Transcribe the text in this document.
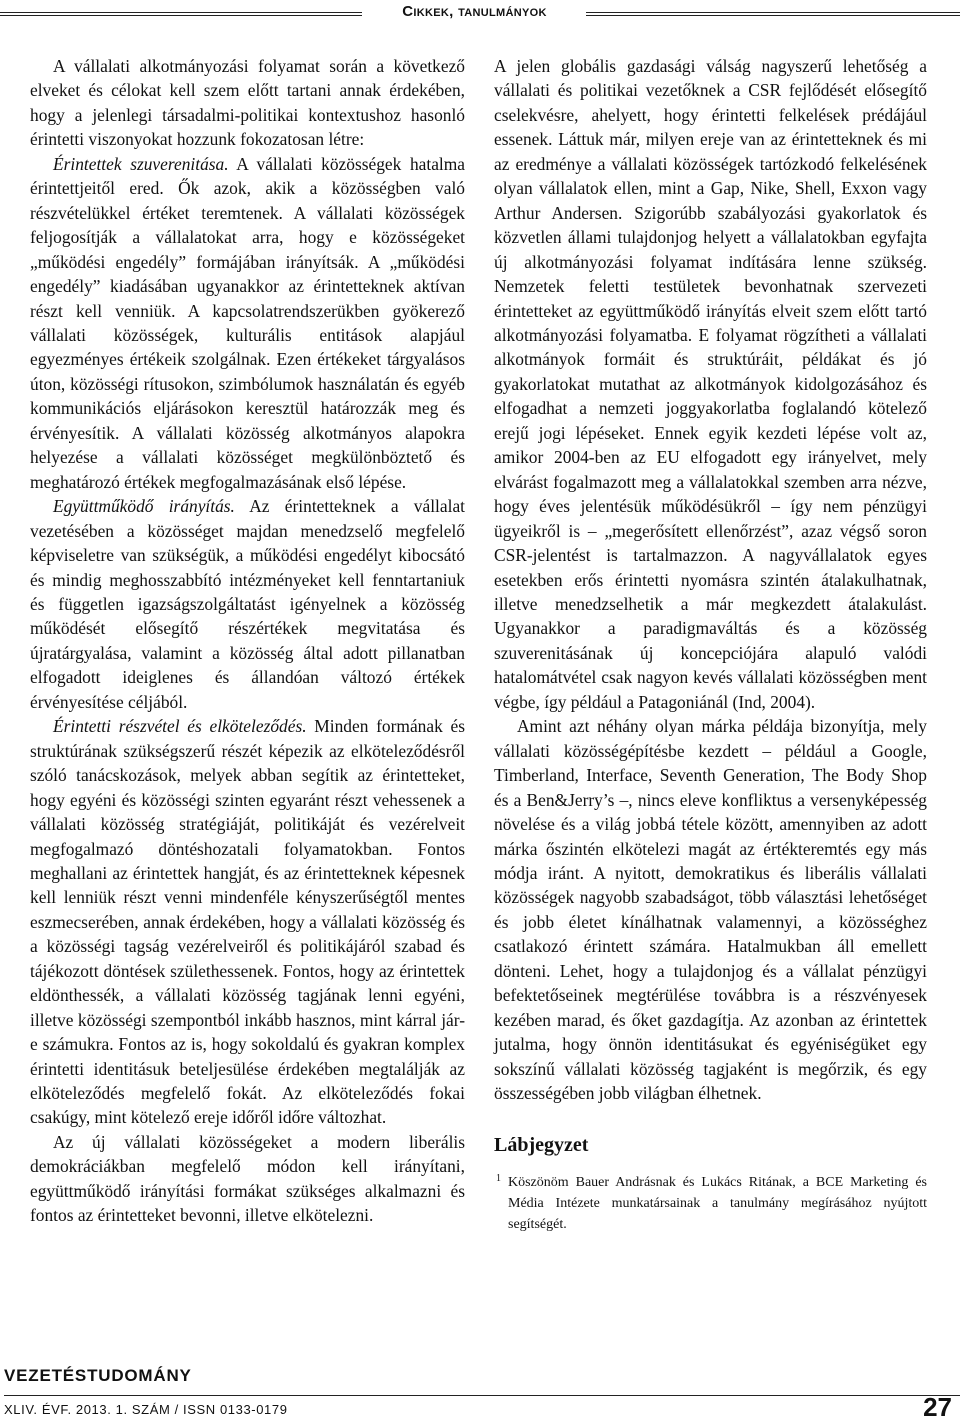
Cikkek, tanulmányok

A vállalati alkotmányozási folyamat során a következő elveket és célokat kell szem előtt tartani annak érdekében, hogy a jelenlegi társadalmi-politikai kontextushoz hasonló érintetti viszonyokat hozzunk fokozatosan létre:

Érintettek szuverenitása. A vállalati közösségek hatalma érintettjeitől ered. Ők azok, akik a közösségben való részvételükkel értéket teremtenek. A vállalati közösségek feljogosítják a vállalatokat arra, hogy e közösségeket „működési engedély” formájában irányítsák. A „működési engedély” kiadásában ugyanakkor az érintetteknek aktívan részt kell venniük. A kapcsolatrendszerükben gyökerező vállalati közösségek, kulturális entitások alapjául egyezményes értékeik szolgálnak. Ezen értékeket tárgyalásos úton, közösségi rítusokon, szimbólumok használatán és egyéb kommunikációs eljárásokon keresztül határozzák meg és érvényesítik. A vállalati közösség alkotmányos alapokra helyezése a vállalati közösséget megkülönböztető és meghatározó értékek megfogalmazásának első lépése.

Együttműködő irányítás. Az érintetteknek a vállalat vezetésében a közösséget majdan menedzselő megfelelő képviseletre van szükségük, a működési engedélyt kibocsátó és mindig meghosszabbító intézményeket kell fenntartaniuk és független igazságszolgáltatást igényelnek a közösség működését elősegítő részértékek megvitatása és újratárgyalása, valamint a közösség által adott pillanatban elfogadott ideiglenes és állandóan változó értékek érvényesítése céljából.

Érintetti részvétel és elköteleződés. Minden formának és struktúrának szükségszerű részét képezik az elköteleződésről szóló tanácskozások, melyek abban segítik az érintetteket, hogy egyéni és közösségi szinten egyaránt részt vehessenek a vállalati közösség stratégiáját, politikáját és vezérelveit megfogalmazó döntéshozatali folyamatokban. Fontos meghallani az érintettek hangját, és az érintetteknek képesnek kell lenniük részt venni mindenféle kényszerűségtől mentes eszmecserében, annak érdekében, hogy a vállalati közösség és a közösségi tagság vezérelveiről és politikájáról szabad és tájékozott döntések születhessenek. Fontos, hogy az érintettek eldönthessék, a vállalati közösség tagjának lenni egyéni, illetve közösségi szempontból inkább hasznos, mint kárral jár-e számukra. Fontos az is, hogy sokoldalú és gyakran komplex érintetti identitásuk beteljesülése érdekében megtalálják az elköteleződés megfelelő fokát. Az elköteleződés fokai csakúgy, mint kötelező ereje időről időre változhat.

Az új vállalati közösségeket a modern liberális demokráciákban megfelelő módon kell irányítani, együttműködő irányítási formákat szükséges alkalmazni és fontos az érintetteket bevonni, illetve elkötelezni.

A jelen globális gazdasági válság nagyszerű lehetőség a vállalati és politikai vezetőknek a CSR fejlődését elősegítő cselekvésre, ahelyett, hogy érintetti felkelések prédájául essenek. Láttuk már, milyen ereje van az érintetteknek és mi az eredménye a vállalati közösségek tartózkodó felkelésének olyan vállalatok ellen, mint a Gap, Nike, Shell, Exxon vagy Arthur Andersen. Szigorúbb szabályozási gyakorlatok és közvetlen állami tulajdonjog helyett a vállalatokban egyfajta új alkotmányozási folyamat indítására lenne szükség. Nemzetek feletti testületek bevonhatnak szervezeti érintetteket az együttműködő irányítás elveit szem előtt tartó alkotmányozási folyamatba. E folyamat rögzítheti a vállalati alkotmányok formáit és struktúráit, példákat és jó gyakorlatokat mutathat az alkotmányok kidolgozásához és elfogadhat a nemzeti joggyakorlatba foglalandó kötelező erejű jogi lépéseket. Ennek egyik kezdeti lépése volt az, amikor 2004-ben az EU elfogadott egy irányelvet, mely elvárást fogalmazott meg a vállalatokkal szemben arra nézve, hogy éves jelentésük működésükről – így nem pénzügyi ügyeikről is – „megerősített ellenőrzést”, azaz végső soron CSR-jelentést is tartalmazzon. A nagyvállalatok egyes esetekben erős érintetti nyomásra szintén átalakulhatnak, illetve menedzselhetik a már megkezdett átalakulást. Ugyanakkor a paradigmaváltás és a közösség szuverenitásának új koncepciójára alapuló valódi hatalomátvétel csak nagyon kevés vállalati közösségben ment végbe, így például a Patagoniánál (Ind, 2004).

Amint azt néhány olyan márka példája bizonyítja, mely vállalati közösségépítésbe kezdett – például a Google, Timberland, Interface, Seventh Generation, The Body Shop és a Ben&Jerry’s –, nincs eleve konfliktus a versenyképesség növelése és a világ jobbá tétele között, amennyiben az adott márka őszintén elkötelezi magát az értékteremtés egy más módja iránt. A nyitott, demokratikus és liberális vállalati közösségek nagyobb szabadságot, több választási lehetőséget és jobb életet kínálhatnak valamennyi, a közösséghez csatlakozó érintett számára. Hatalmukban áll emellett dönteni. Lehet, hogy a tulajdonjog és a vállalat pénzügyi befektetőseinek megtérülése továbbra is a részvényesek kezében marad, és őket gazdagítja. Az azonban az érintettek jutalma, hogy önnön identitásukat és egyéniségüket egy sokszínű vállalati közösség tagjaként is megőrzik, és egy összességében jobb világban élhetnek.

Lábjegyzet
1 Köszönöm Bauer Andrásnak és Lukács Ritának, a BCE Marketing és Média Intézete munkatársainak a tanulmány megírásához nyújtott segítségét.
VEZETÉSTUDOMÁNY
XLIV. ÉVF. 2013. 1. SZÁM / ISSN 0133-0179	27
